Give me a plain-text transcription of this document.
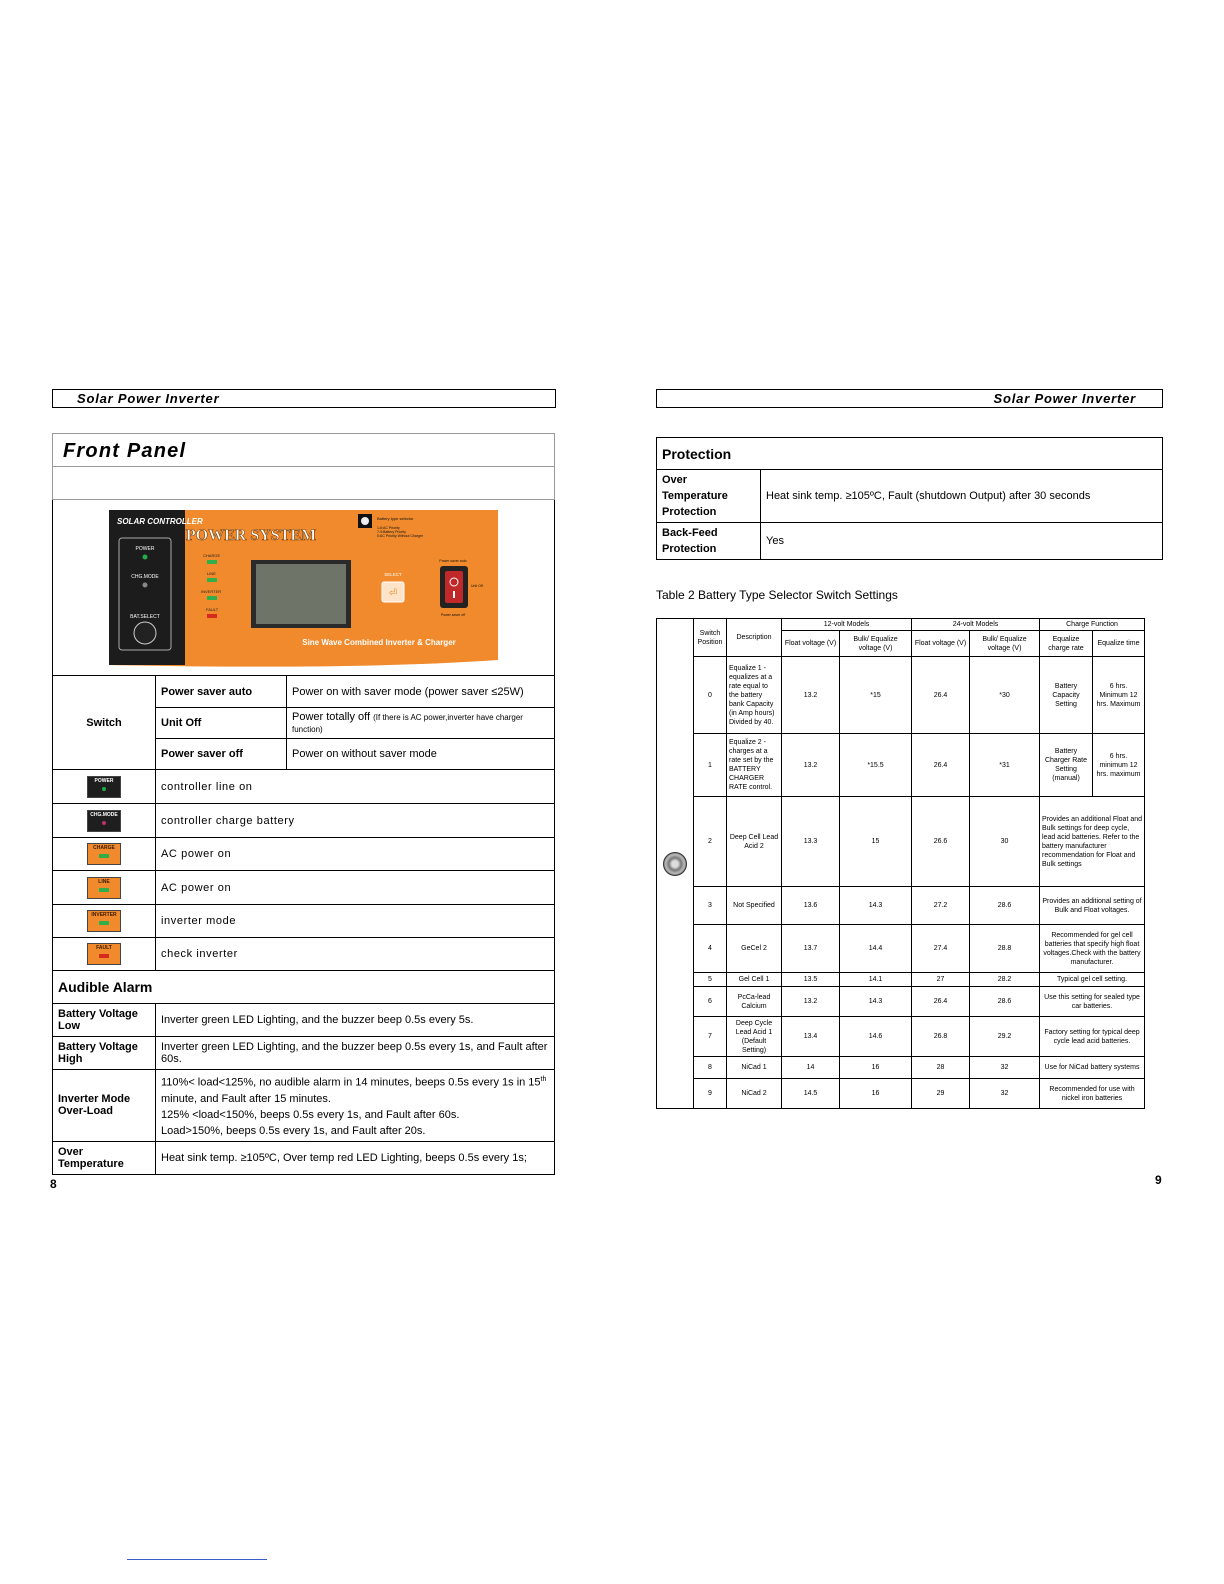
Solar Power Inverter
Front Panel
SOLAR CONTROLLER
POWER
CHG.MODE
BAT.SELECT
POWER SYSTEM
Battery type selector
1-6:AC Priority
7-9:Battery Priority
0:AC Priority Without Charger
CHARGE
LINE
INVERTER
FAULT
SELECT
⏎
Power saver auto
Unit Off
Power saver off
Sine Wave Combined Inverter & Charger
Switch	Power saver auto	Power on with saver mode (power saver ≤25W)
	Unit Off	Power totally off (If there is AC power,inverter have charger function)
	Power saver off	Power on without saver mode

POWER	controller line on	

CHG.MODE	controller charge battery	

CHARGE	AC power on	

LINE	AC power on	

INVERTER	inverter mode	

FAULT	check inverter	
Audible Alarm		
Battery Voltage Low	Inverter green LED Lighting, and the buzzer beep 0.5s every 5s.	
Battery Voltage High	Inverter green LED Lighting, and the buzzer beep 0.5s every 1s, and Fault after 60s.	
Inverter Mode Over-Load	110%< load<125%, no audible alarm in 14 minutes, beeps 0.5s every 1s in 15th
minute, and Fault after 15 minutes.
125% <load<150%, beeps 0.5s every 1s, and Fault after 60s.
Load>150%, beeps 0.5s every 1s, and Fault after 20s.	

Over Temperature	Heat sink temp. ≥105ºC, Over temp red LED Lighting, beeps 0.5s every 1s;	
8
Solar Power Inverter
Protection	
Over Temperature Protection	Heat sink temp. ≥105ºC, Fault (shutdown Output) after 30 seconds
Back-Feed Protection	Yes
Table 2 Battery Type Selector Switch Settings
	Switch Position	Description	12-volt Models		24-volt Models		Charge Function	
			Float voltage (V)	Bulk/ Equalize voltage (V)	Float voltage (V)	Bulk/ Equalize voltage (V)	Equalize charge rate	Equalize time
	0	Equalize 1 - equalizes at a rate equal to the battery bank Capacity (in Amp hours) Divided by 40.	13.2	*15	26.4	*30	Battery Capacity Setting	6 hrs. Minimum 12 hrs. Maximum
	1	Equalize 2 -charges at a rate set by the BATTERY CHARGER RATE control.	13.2	*15.5	26.4	*31	Battery Charger Rate Setting (manual)	6 hrs. minimum 12 hrs. maximum
	2	Deep Cell Lead Acid 2	13.3	15	26.6	30	Provides an additional Float and Bulk settings for deep cycle, lead acid batteries. Refer to the battery manufacturer recommendation for Float and Bulk settings	
	3	Not Specified	13.6	14.3	27.2	28.6	Provides an additional setting of Bulk and Float voltages.	
	4	GeCel 2	13.7	14.4	27.4	28.8	Recommended for gel cell batteries that specify high float voltages.Check with the battery manufacturer.	
	5	Gel Cell 1	13.5	14.1	27	28.2	Typical gel cell setting.	
	6	PcCa-lead Calcium	13.2	14.3	26.4	28.6	Use this setting for sealed type car batteries.	
	7	Deep Cycle Lead Acid 1 (Default Setting)	13.4	14.6	26.8	29.2	Factory setting for typical deep cycle lead acid batteries.	
	8	NiCad 1	14	16	28	32	Use for NiCad battery systems	
	9	NiCad 2	14.5	16	29	32	Recommended for use with nickel iron batteries	
9
